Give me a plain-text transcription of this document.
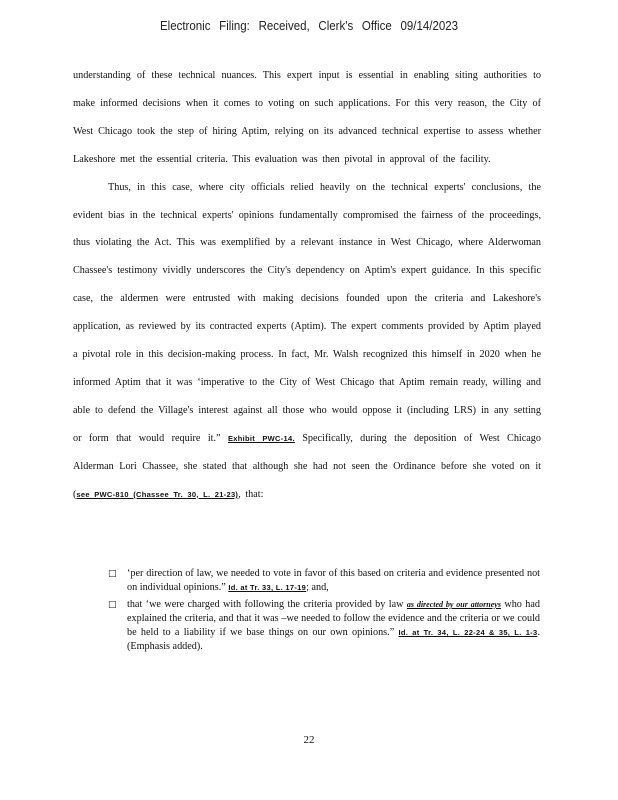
Electronic Filing: Received, Clerk's Office 09/14/2023

understanding of these technical nuances. This expert input is essential in enabling siting authorities to make informed decisions when it comes to voting on such applications. For this very reason, the City of West Chicago took the step of hiring Aptim, relying on its advanced technical expertise to assess whether Lakeshore met the essential criteria. This evaluation was then pivotal in approval of the facility.

Thus, in this case, where city officials relied heavily on the technical experts' conclusions, the evident bias in the technical experts' opinions fundamentally compromised the fairness of the proceedings, thus violating the Act. This was exemplified by a relevant instance in West Chicago, where Alderwoman Chassee's testimony vividly underscores the City's dependency on Aptim's expert guidance. In this specific case, the aldermen were entrusted with making decisions founded upon the criteria and Lakeshore's application, as reviewed by its contracted experts (Aptim). The expert comments provided by Aptim played a pivotal role in this decision-making process. In fact, Mr. Walsh recognized this himself in 2020 when he informed Aptim that it was ‘imperative to the City of West Chicago that Aptim remain ready, willing and able to defend the Village's interest against all those who would oppose it (including LRS) in any setting or form that would require it.” Exhibit PWC-14. Specifically, during the deposition of West Chicago Alderman Lori Chassee, she stated that although she had not seen the Ordinance before she voted on it (see PWC-810 (Chassee Tr. 30, L. 21-23), that:

□ ‘per direction of law, we needed to vote in favor of this based on criteria and evidence presented not on individual opinions.” Id. at Tr. 33, L. 17-19; and,
□ that ‘we were charged with following the criteria provided by law as directed by our attorneys who had explained the criteria, and that it was –we needed to follow the evidence and the criteria or we could be held to a liability if we base things on our own opinions.” Id. at Tr. 34, L. 22-24 & 35, L. 1-3. (Emphasis added).
22
